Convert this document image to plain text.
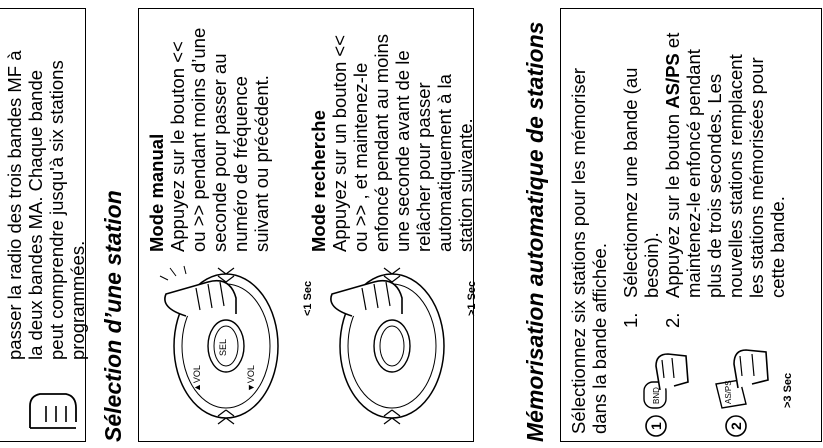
passer la radio des trois bandes MF à
la deux bandes MA. Chaque bande
peut comprendre jusqu'à six stations
programmées. Sélection d’une station	SEL
▲VOL	▼VOL
<1 Sec
Mode manual Appuyez sur le bouton <<
ou >> pendant moins d’une
seconde pour passer au
numéro de fréquence
suivant ou précédent.
>1 Sec
Mode recherche Appuyez sur un bouton <<
ou >> , et maintenez-le
enfoncé pendant au moins
une seconde avant de le
relâcher pour passer
automatiquement à la
station suivante. Mémorisation automatique de stations Sélectionnez six stations pour les mémoriser
dans la bande affichée.
1
BND
2
AS/PS	>3 Sec
1.
Sélectionnez une bande (au
besoin).
2.
Appuyez sur le bouton AS/PS et
maintenez-le enfoncé pendant
plus de trois secondes. Les
nouvelles stations remplacent
les stations mémorisées pour
cette bande.
